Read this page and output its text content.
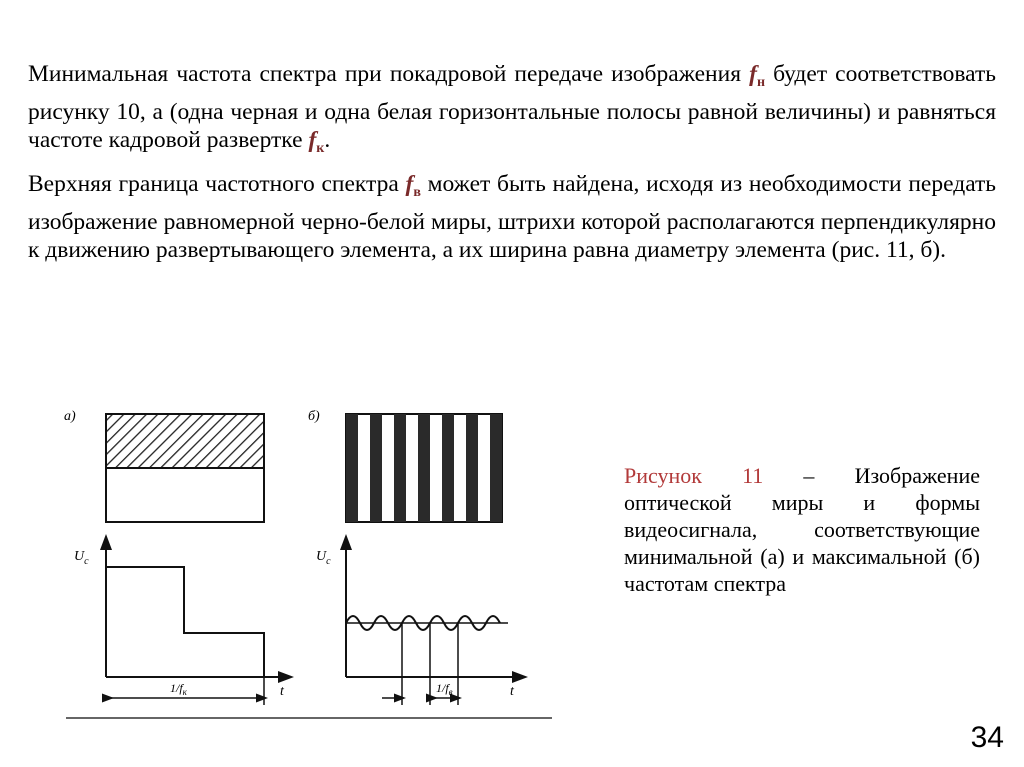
Минимальная частота спектра при покадровой передаче изображения $f_н$ будет соответствовать рисунку 10, а (одна черная и одна белая горизонтальные полосы равной величины) и равняться частоте кадровой развертке $f_к$.

Верхняя граница частотного спектра $f_в$ может быть найдена, исходя из необходимости передать изображение равномерной черно-белой миры, штрихи которой располагаются перпендикулярно к движению развертывающего элемента, а их ширина равна диаметру элемента (рис. 11, б).

а)	б)
$U_с$
t
$1/f_к$
$U_с$
t
$1/f_в$

Рисунок 11 – Изображение оптической миры и формы видеосигнала, соответствующие минимальной (а) и максимальной (б) частотам спектра

34
